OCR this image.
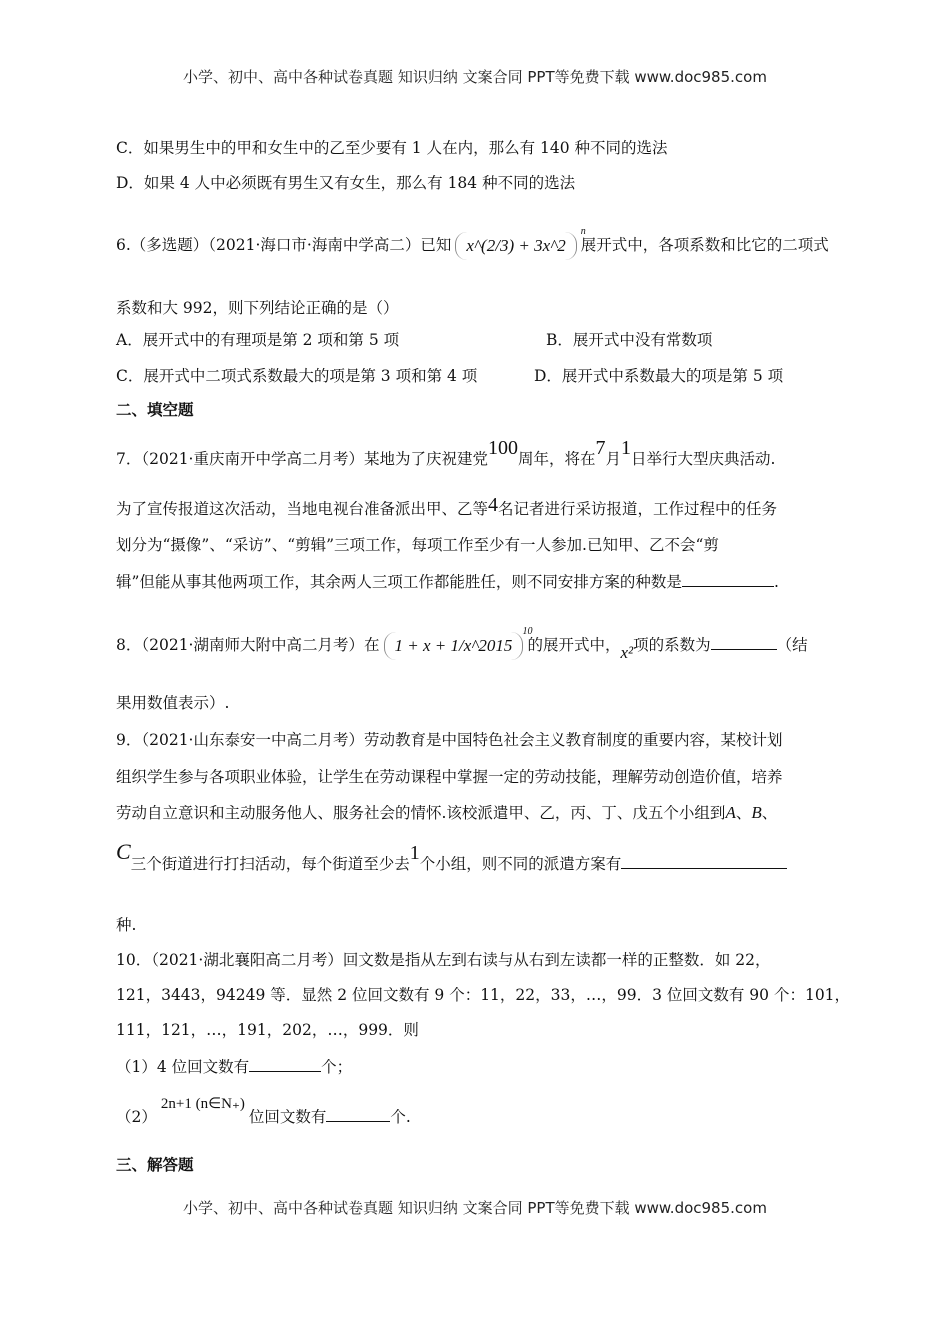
小学、初中、高中各种试卷真题 知识归纳 文案合同 PPT等免费下载 www.doc985.com
C．如果男生中的甲和女生中的乙至少要有 1 人在内，那么有 140 种不同的选法
D．如果 4 人中必须既有男生又有女生，那么有 184 种不同的选法
6.（多选题）（2021·海口市·海南中学高二）已知 x^(2/3) + 3x^2
n
展开式中，各项系数和比它的二项式
系数和大 992，则下列结论正确的是（）
A．展开式中的有理项是第 2 项和第 5 项	B．展开式中没有常数项
C．展开式中二项式系数最大的项是第 3 项和第 4 项	D．展开式中系数最大的项是第 5 项
二、填空题
7．（2021·重庆南开中学高二月考）某地为了庆祝建党100周年，将在7月1日举行大型庆典活动.
为了宣传报道这次活动，当地电视台准备派出甲、乙等4名记者进行采访报道，工作过程中的任务
划分为“摄像”、“采访”、“剪辑”三项工作，每项工作至少有一人参加.已知甲、乙不会“剪
辑”但能从事其他两项工作，其余两人三项工作都能胜任，则不同安排方案的种数是	.
8．（2021·湖南师大附中高二月考）在 1 + x + 1/x^2015
10
的展开式中，x²项的系数为	（结
果用数值表示）.
9．（2021·山东泰安一中高二月考）劳动教育是中国特色社会主义教育制度的重要内容，某校计划
组织学生参与各项职业体验，让学生在劳动课程中掌握一定的劳动技能，理解劳动创造价值，培养
劳动自立意识和主动服务他人、服务社会的情怀.该校派遣甲、乙，丙、丁、戊五个小组到A、B、
C三个街道进行打扫活动，每个街道至少去1个小组，则不同的派遣方案有
种.
10．（2021·湖北襄阳高二月考）回文数是指从左到右读与从右到左读都一样的正整数．如 22，
121，3443，94249 等．显然 2 位回文数有 9 个：11，22，33，…，99．3 位回文数有 90 个：101，
111，121，…，191，202，…，999．则
（1）4 位回文数有	个；
（2）2n+1 (n∈N₊)位回文数有	个.
三、解答题
小学、初中、高中各种试卷真题 知识归纳 文案合同 PPT等免费下载 www.doc985.com
